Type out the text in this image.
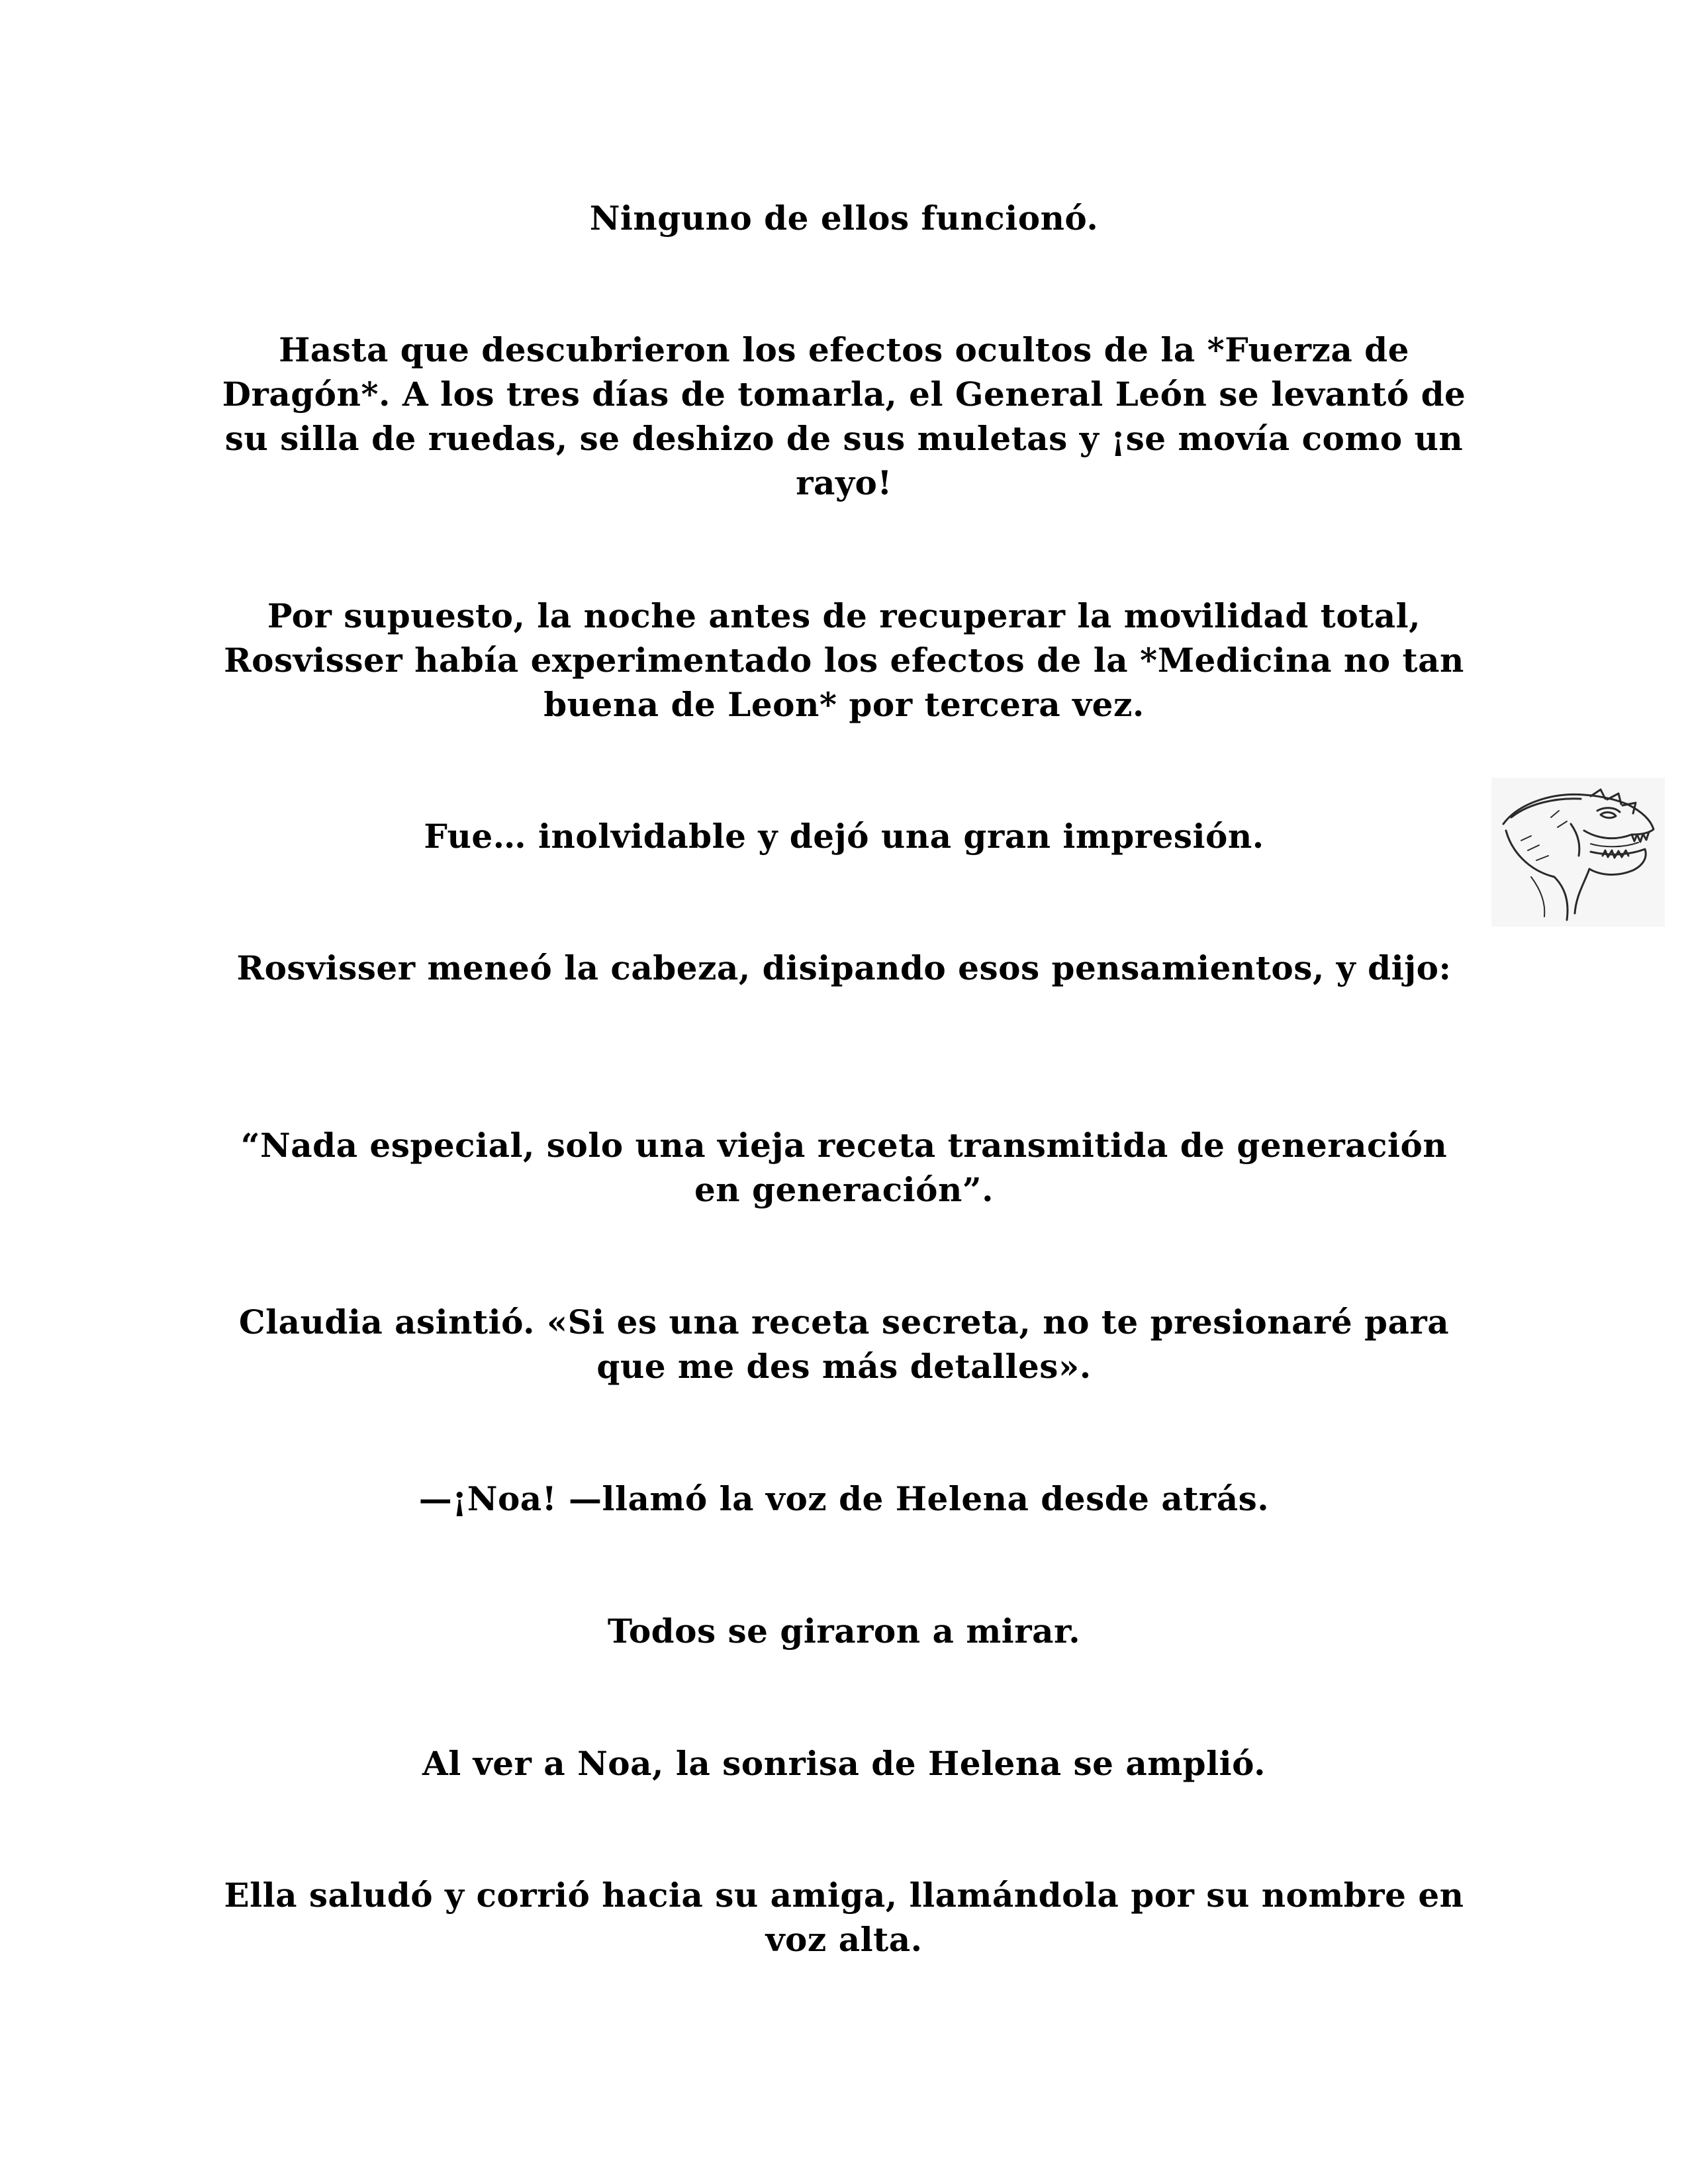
Ninguno de ellos funcionó.

Hasta que descubrieron los efectos ocultos de la *Fuerza de Dragón*. A los tres días de tomarla, el General León se levantó de su silla de ruedas, se deshizo de sus muletas y ¡se movía como un rayo!

Por supuesto, la noche antes de recuperar la movilidad total, Rosvisser había experimentado los efectos de la *Medicina no tan buena de Leon* por tercera vez.

Fue… inolvidable y dejó una gran impresión.

Rosvisser meneó la cabeza, disipando esos pensamientos, y dijo:

“Nada especial, solo una vieja receta transmitida de generación en generación”.

Claudia asintió. «Si es una receta secreta, no te presionaré para que me des más detalles».

—¡Noa! —llamó la voz de Helena desde atrás.

Todos se giraron a mirar.

Al ver a Noa, la sonrisa de Helena se amplió.

Ella saludó y corrió hacia su amiga, llamándola por su nombre en voz alta.
